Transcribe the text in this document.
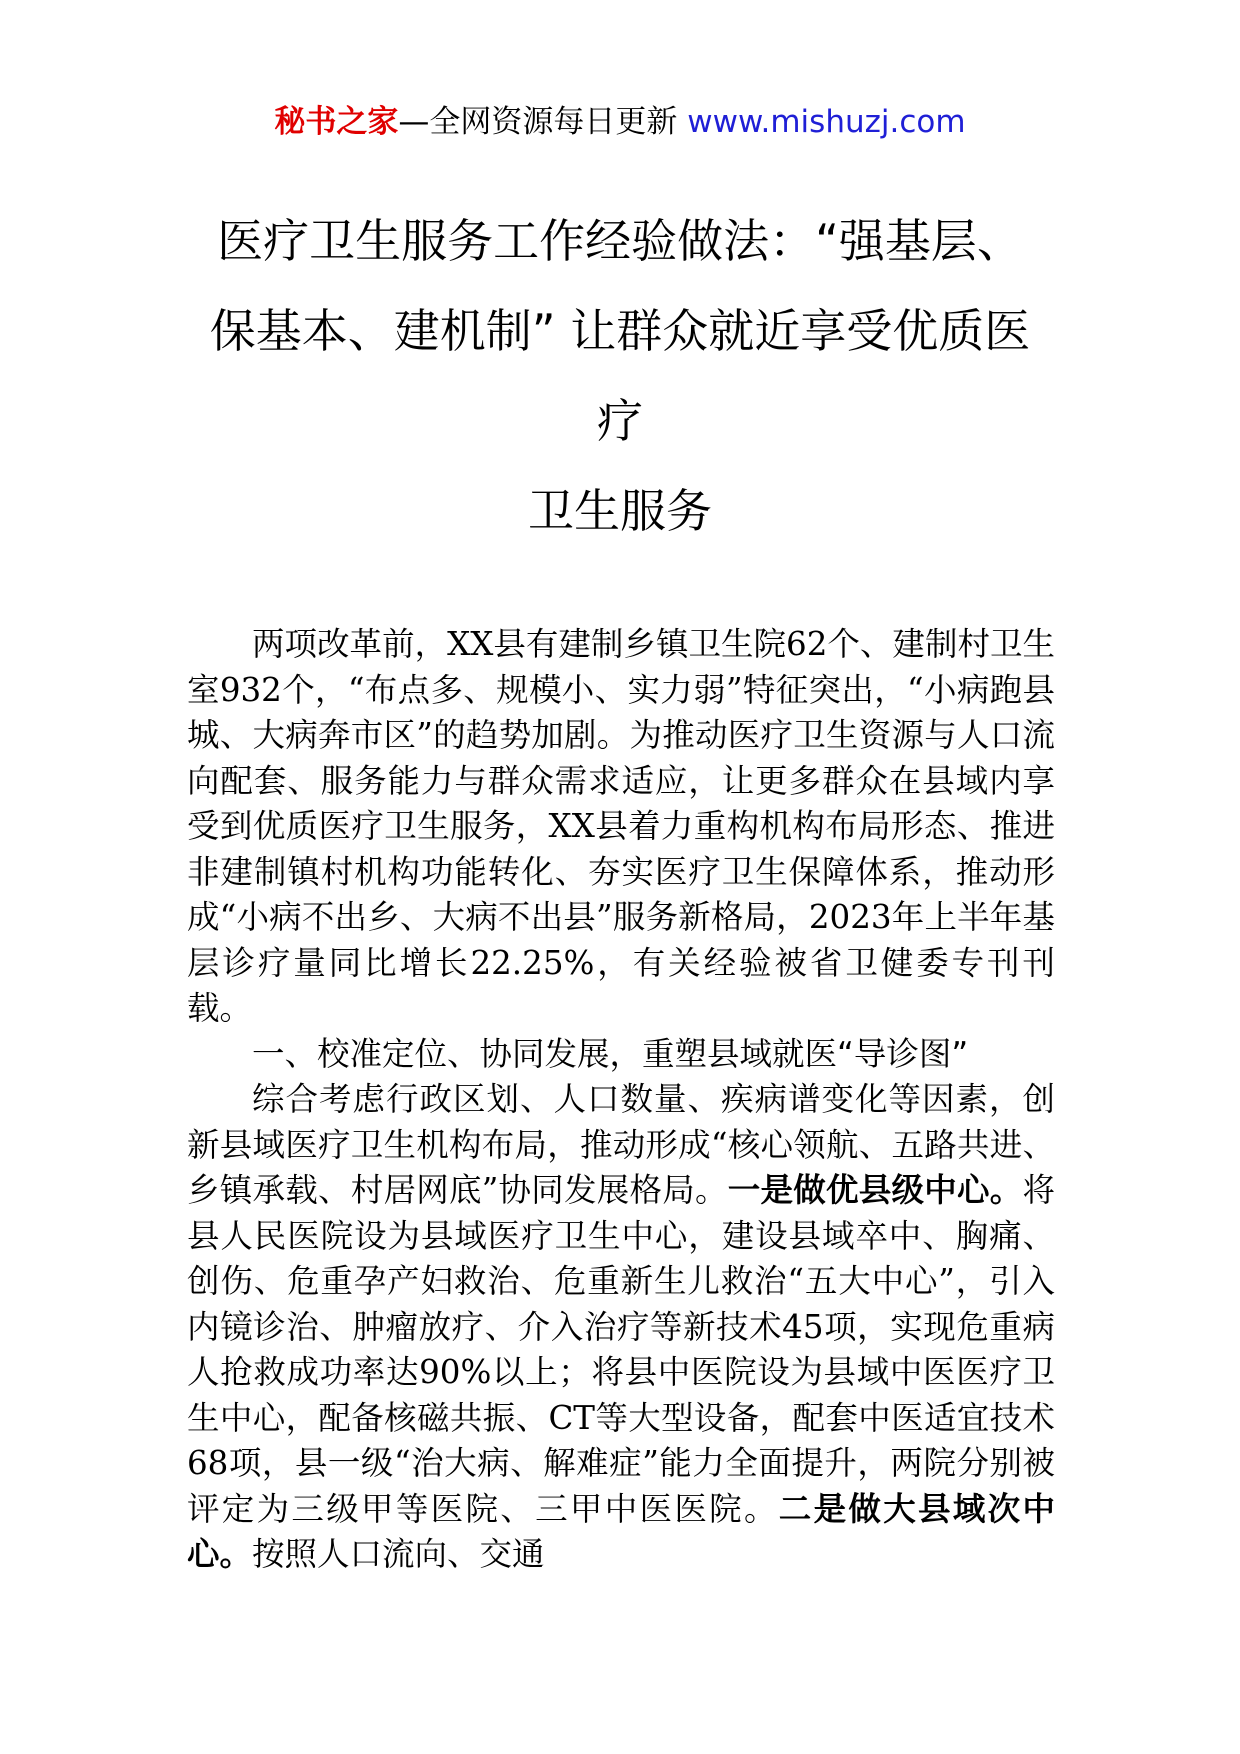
秘书之家—全网资源每日更新 www.mishuzj.com
医疗卫生服务工作经验做法：“强基层、
保基本、建机制” 让群众就近享受优质医
疗
卫生服务

两项改革前，XX县有建制乡镇卫生院62个、建制村卫生室932个，“布点多、规模小、实力弱”特征突出，“小病跑县城、大病奔市区”的趋势加剧。为推动医疗卫生资源与人口流向配套、服务能力与群众需求适应，让更多群众在县域内享受到优质医疗卫生服务，XX县着力重构机构布局形态、推进非建制镇村机构功能转化、夯实医疗卫生保障体系，推动形成“小病不出乡、大病不出县”服务新格局，2023年上半年基层诊疗量同比增长22.25%，有关经验被省卫健委专刊刊载。

一、校准定位、协同发展，重塑县域就医“导诊图”

综合考虑行政区划、人口数量、疾病谱变化等因素，创新县域医疗卫生机构布局，推动形成“核心领航、五路共进、乡镇承载、村居网底”协同发展格局。一是做优县级中心。将县人民医院设为县域医疗卫生中心，建设县域卒中、胸痛、创伤、危重孕产妇救治、危重新生儿救治“五大中心”，引入内镜诊治、肿瘤放疗、介入治疗等新技术45项，实现危重病人抢救成功率达90%以上；将县中医院设为县域中医医疗卫生中心，配备核磁共振、CT等大型设备，配套中医适宜技术68项，县一级“治大病、解难症”能力全面提升，两院分别被评定为三级甲等医院、三甲中医医院。二是做大县域次中心。按照人口流向、交通
